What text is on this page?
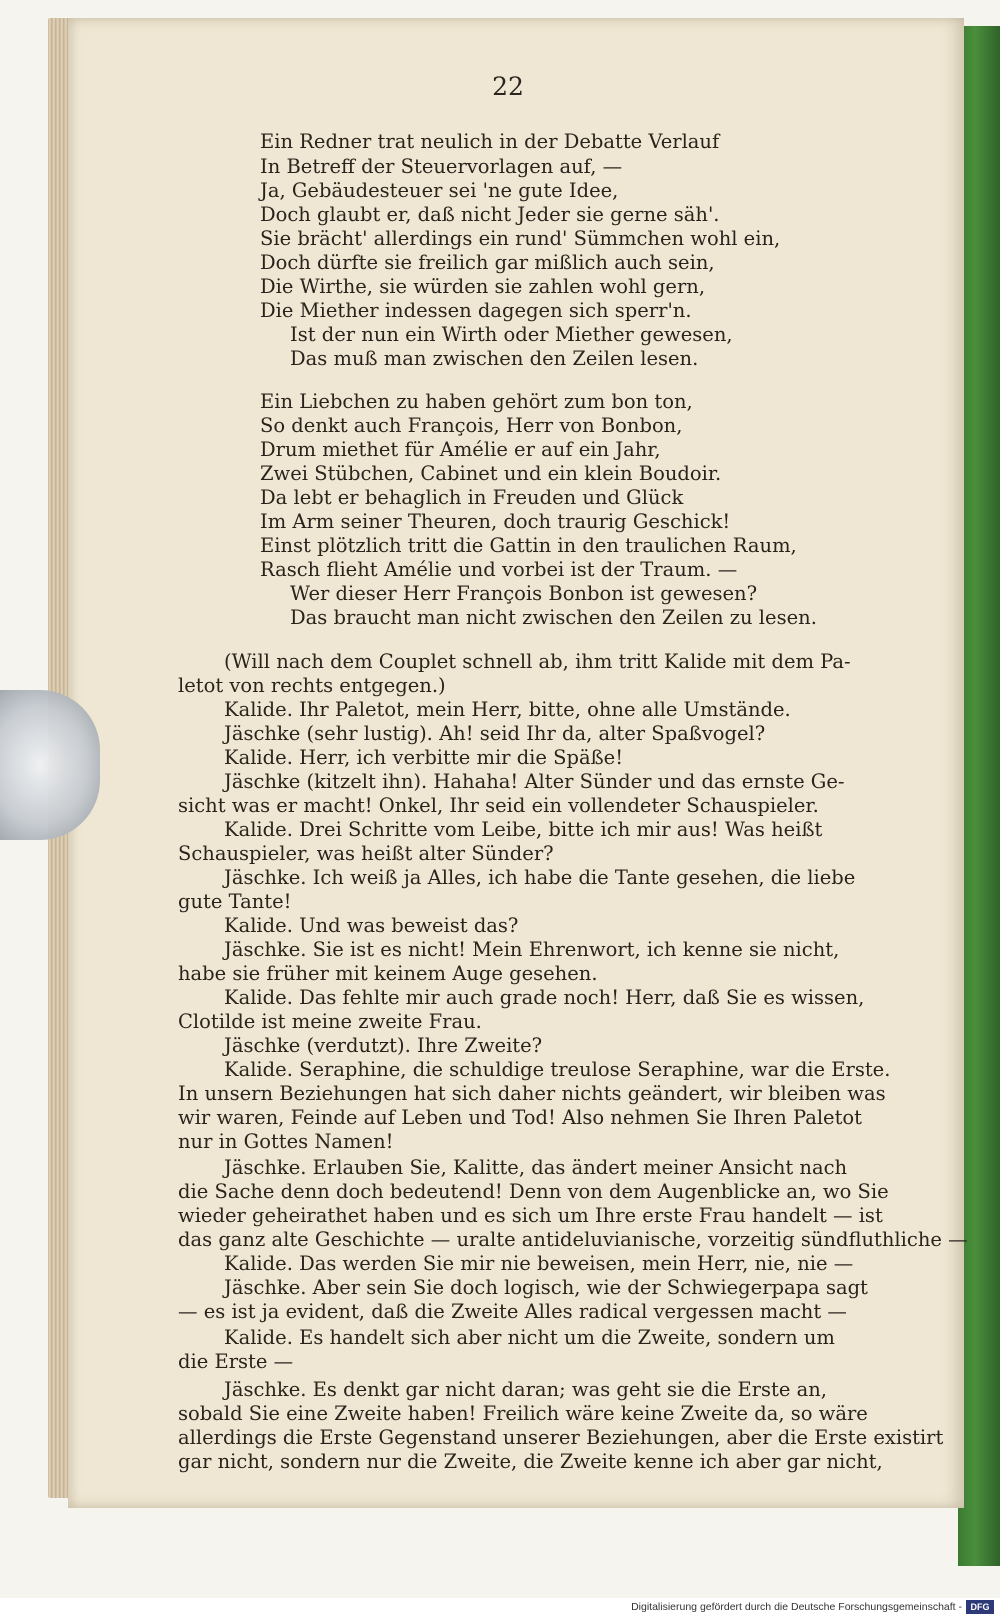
22
Ein Redner trat neulich in der Debatte Verlauf
In Betreff der Steuervorlagen auf, —
Ja, Gebäudesteuer sei 'ne gute Idee,
Doch glaubt er, daß nicht Jeder sie gerne säh'.
Sie brächt' allerdings ein rund' Sümmchen wohl ein,
Doch dürfte sie freilich gar mißlich auch sein,
Die Wirthe, sie würden sie zahlen wohl gern,
Die Miether indessen dagegen sich sperr'n.
Ist der nun ein Wirth oder Miether gewesen,
Das muß man zwischen den Zeilen lesen.
Ein Liebchen zu haben gehört zum bon ton,
So denkt auch François, Herr von Bonbon,
Drum miethet für Amélie er auf ein Jahr,
Zwei Stübchen, Cabinet und ein klein Boudoir.
Da lebt er behaglich in Freuden und Glück
Im Arm seiner Theuren, doch traurig Geschick!
Einst plötzlich tritt die Gattin in den traulichen Raum,
Rasch flieht Amélie und vorbei ist der Traum. —
Wer dieser Herr François Bonbon ist gewesen?
Das braucht man nicht zwischen den Zeilen zu lesen.
(Will nach dem Couplet schnell ab, ihm tritt Kalide mit dem Pa-
letot von rechts entgegen.)
Kalide. Ihr Paletot, mein Herr, bitte, ohne alle Umstände.
Jäschke (sehr lustig). Ah! seid Ihr da, alter Spaßvogel?
Kalide. Herr, ich verbitte mir die Späße!
Jäschke (kitzelt ihn). Hahaha! Alter Sünder und das ernste Ge-
sicht was er macht! Onkel, Ihr seid ein vollendeter Schauspieler.
Kalide. Drei Schritte vom Leibe, bitte ich mir aus! Was heißt
Schauspieler, was heißt alter Sünder?
Jäschke. Ich weiß ja Alles, ich habe die Tante gesehen, die liebe
gute Tante!
Kalide. Und was beweist das?
Jäschke. Sie ist es nicht! Mein Ehrenwort, ich kenne sie nicht,
habe sie früher mit keinem Auge gesehen.
Kalide. Das fehlte mir auch grade noch! Herr, daß Sie es wissen,
Clotilde ist meine zweite Frau.
Jäschke (verdutzt). Ihre Zweite?
Kalide. Seraphine, die schuldige treulose Seraphine, war die Erste.
In unsern Beziehungen hat sich daher nichts geändert, wir bleiben was
wir waren, Feinde auf Leben und Tod! Also nehmen Sie Ihren Paletot
nur in Gottes Namen!
Jäschke. Erlauben Sie, Kalitte, das ändert meiner Ansicht nach
die Sache denn doch bedeutend! Denn von dem Augenblicke an, wo Sie
wieder geheirathet haben und es sich um Ihre erste Frau handelt — ist
das ganz alte Geschichte — uralte antideluvianische, vorzeitig sündfluthliche —
Kalide. Das werden Sie mir nie beweisen, mein Herr, nie, nie —
Jäschke. Aber sein Sie doch logisch, wie der Schwiegerpapa sagt
— es ist ja evident, daß die Zweite Alles radical vergessen macht —
Kalide. Es handelt sich aber nicht um die Zweite, sondern um
die Erste —
Jäschke. Es denkt gar nicht daran; was geht sie die Erste an,
sobald Sie eine Zweite haben! Freilich wäre keine Zweite da, so wäre
allerdings die Erste Gegenstand unserer Beziehungen, aber die Erste existirt
gar nicht, sondern nur die Zweite, die Zweite kenne ich aber gar nicht,
Digitalisierung gefördert durch die Deutsche Forschungsgemeinschaft - DFG
